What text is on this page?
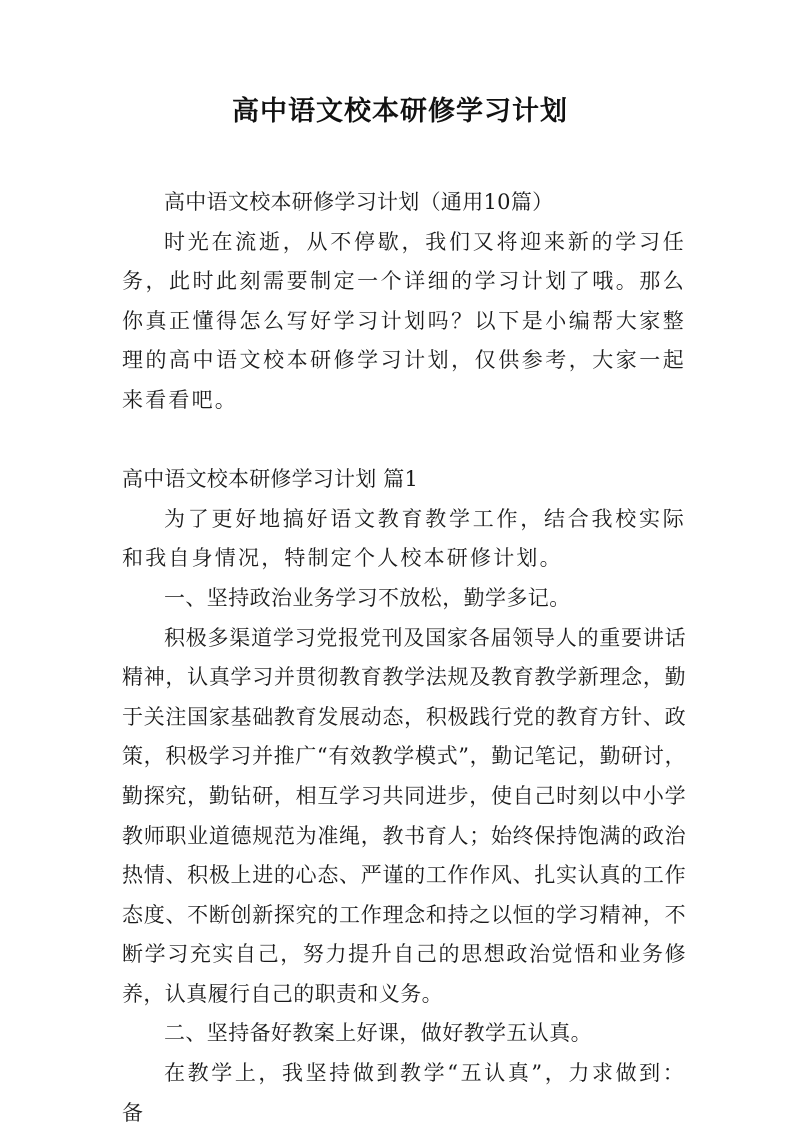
高中语文校本研修学习计划

高中语文校本研修学习计划（通用10篇）

时光在流逝，从不停歇，我们又将迎来新的学习任务，此时此刻需要制定一个详细的学习计划了哦。那么你真正懂得怎么写好学习计划吗？以下是小编帮大家整理的高中语文校本研修学习计划，仅供参考，大家一起来看看吧。

高中语文校本研修学习计划 篇1

为了更好地搞好语文教育教学工作，结合我校实际和我自身情况，特制定个人校本研修计划。

一、坚持政治业务学习不放松，勤学多记。

积极多渠道学习党报党刊及国家各届领导人的重要讲话精神，认真学习并贯彻教育教学法规及教育教学新理念，勤于关注国家基础教育发展动态，积极践行党的教育方针、政策，积极学习并推广“有效教学模式”，勤记笔记，勤研讨，勤探究，勤钻研，相互学习共同进步，使自己时刻以中小学教师职业道德规范为准绳，教书育人；始终保持饱满的政治热情、积极上进的心态、严谨的工作作风、扎实认真的工作态度、不断创新探究的工作理念和持之以恒的学习精神，不断学习充实自己，努力提升自己的思想政治觉悟和业务修养，认真履行自己的职责和义务。

二、坚持备好教案上好课，做好教学五认真。

在教学上，我坚持做到教学“五认真”，力求做到：备
